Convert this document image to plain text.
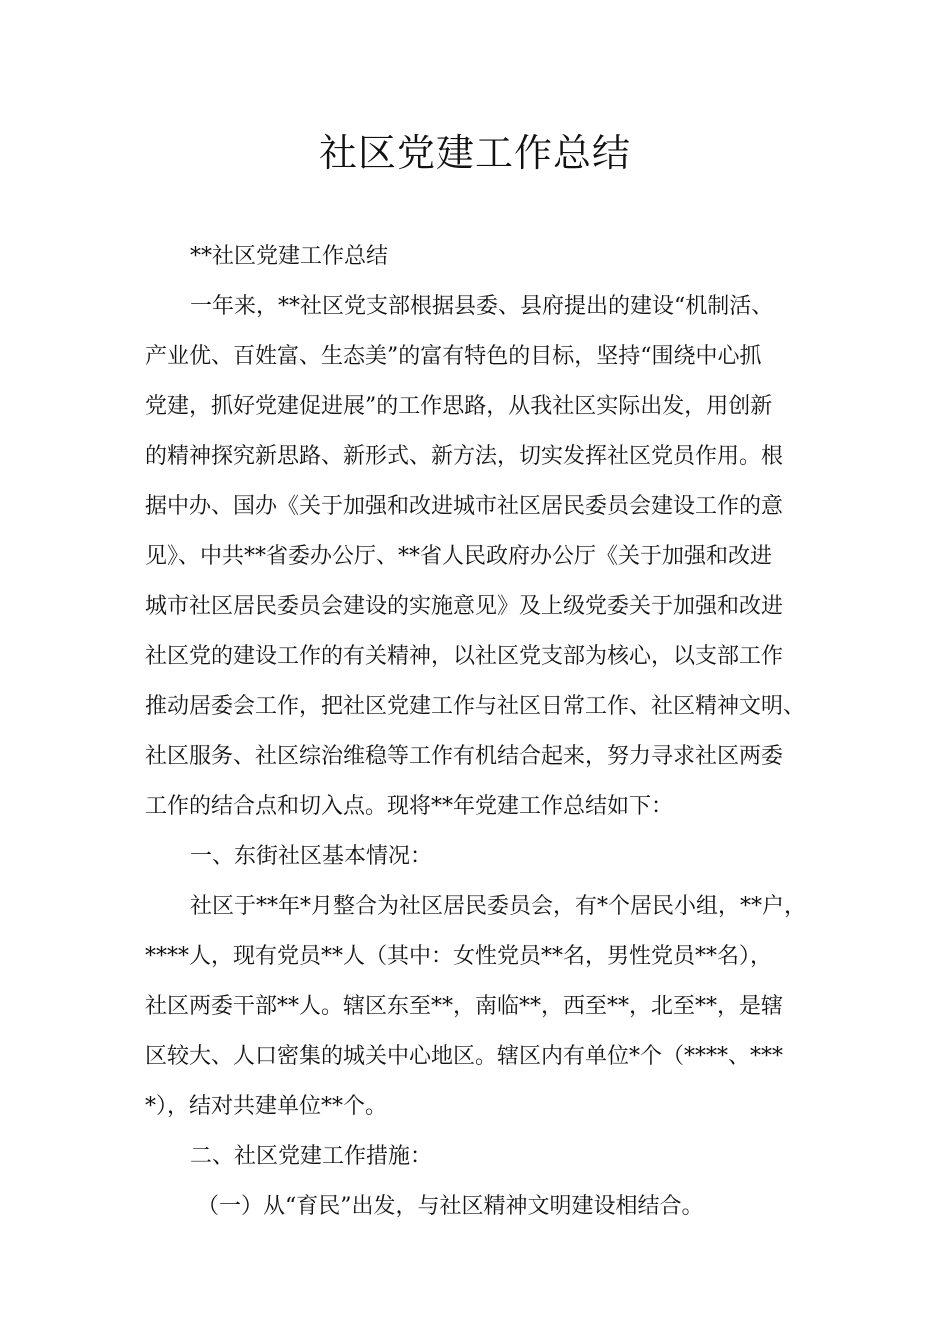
社区党建工作总结
**社区党建工作总结
一年来，**社区党支部根据县委、县府提出的建设“机制活、
产业优、百姓富、生态美”的富有特色的目标，坚持“围绕中心抓
党建，抓好党建促进展”的工作思路，从我社区实际出发，用创新
的精神探究新思路、新形式、新方法，切实发挥社区党员作用。根
据中办、国办《关于加强和改进城市社区居民委员会建设工作的意
见》、中共**省委办公厅、**省人民政府办公厅《关于加强和改进
城市社区居民委员会建设的实施意见》及上级党委关于加强和改进
社区党的建设工作的有关精神，以社区党支部为核心，以支部工作
推动居委会工作，把社区党建工作与社区日常工作、社区精神文明、
社区服务、社区综治维稳等工作有机结合起来，努力寻求社区两委
工作的结合点和切入点。现将**年党建工作总结如下：
一、东街社区基本情况：
社区于**年*月整合为社区居民委员会，有*个居民小组，**户，
****人，现有党员**人（其中：女性党员**名，男性党员**名），
社区两委干部**人。辖区东至**，南临**，西至**，北至**，是辖
区较大、人口密集的城关中心地区。辖区内有单位*个（****、***
*），结对共建单位**个。
二、社区党建工作措施：
（一）从“育民”出发，与社区精神文明建设相结合。
